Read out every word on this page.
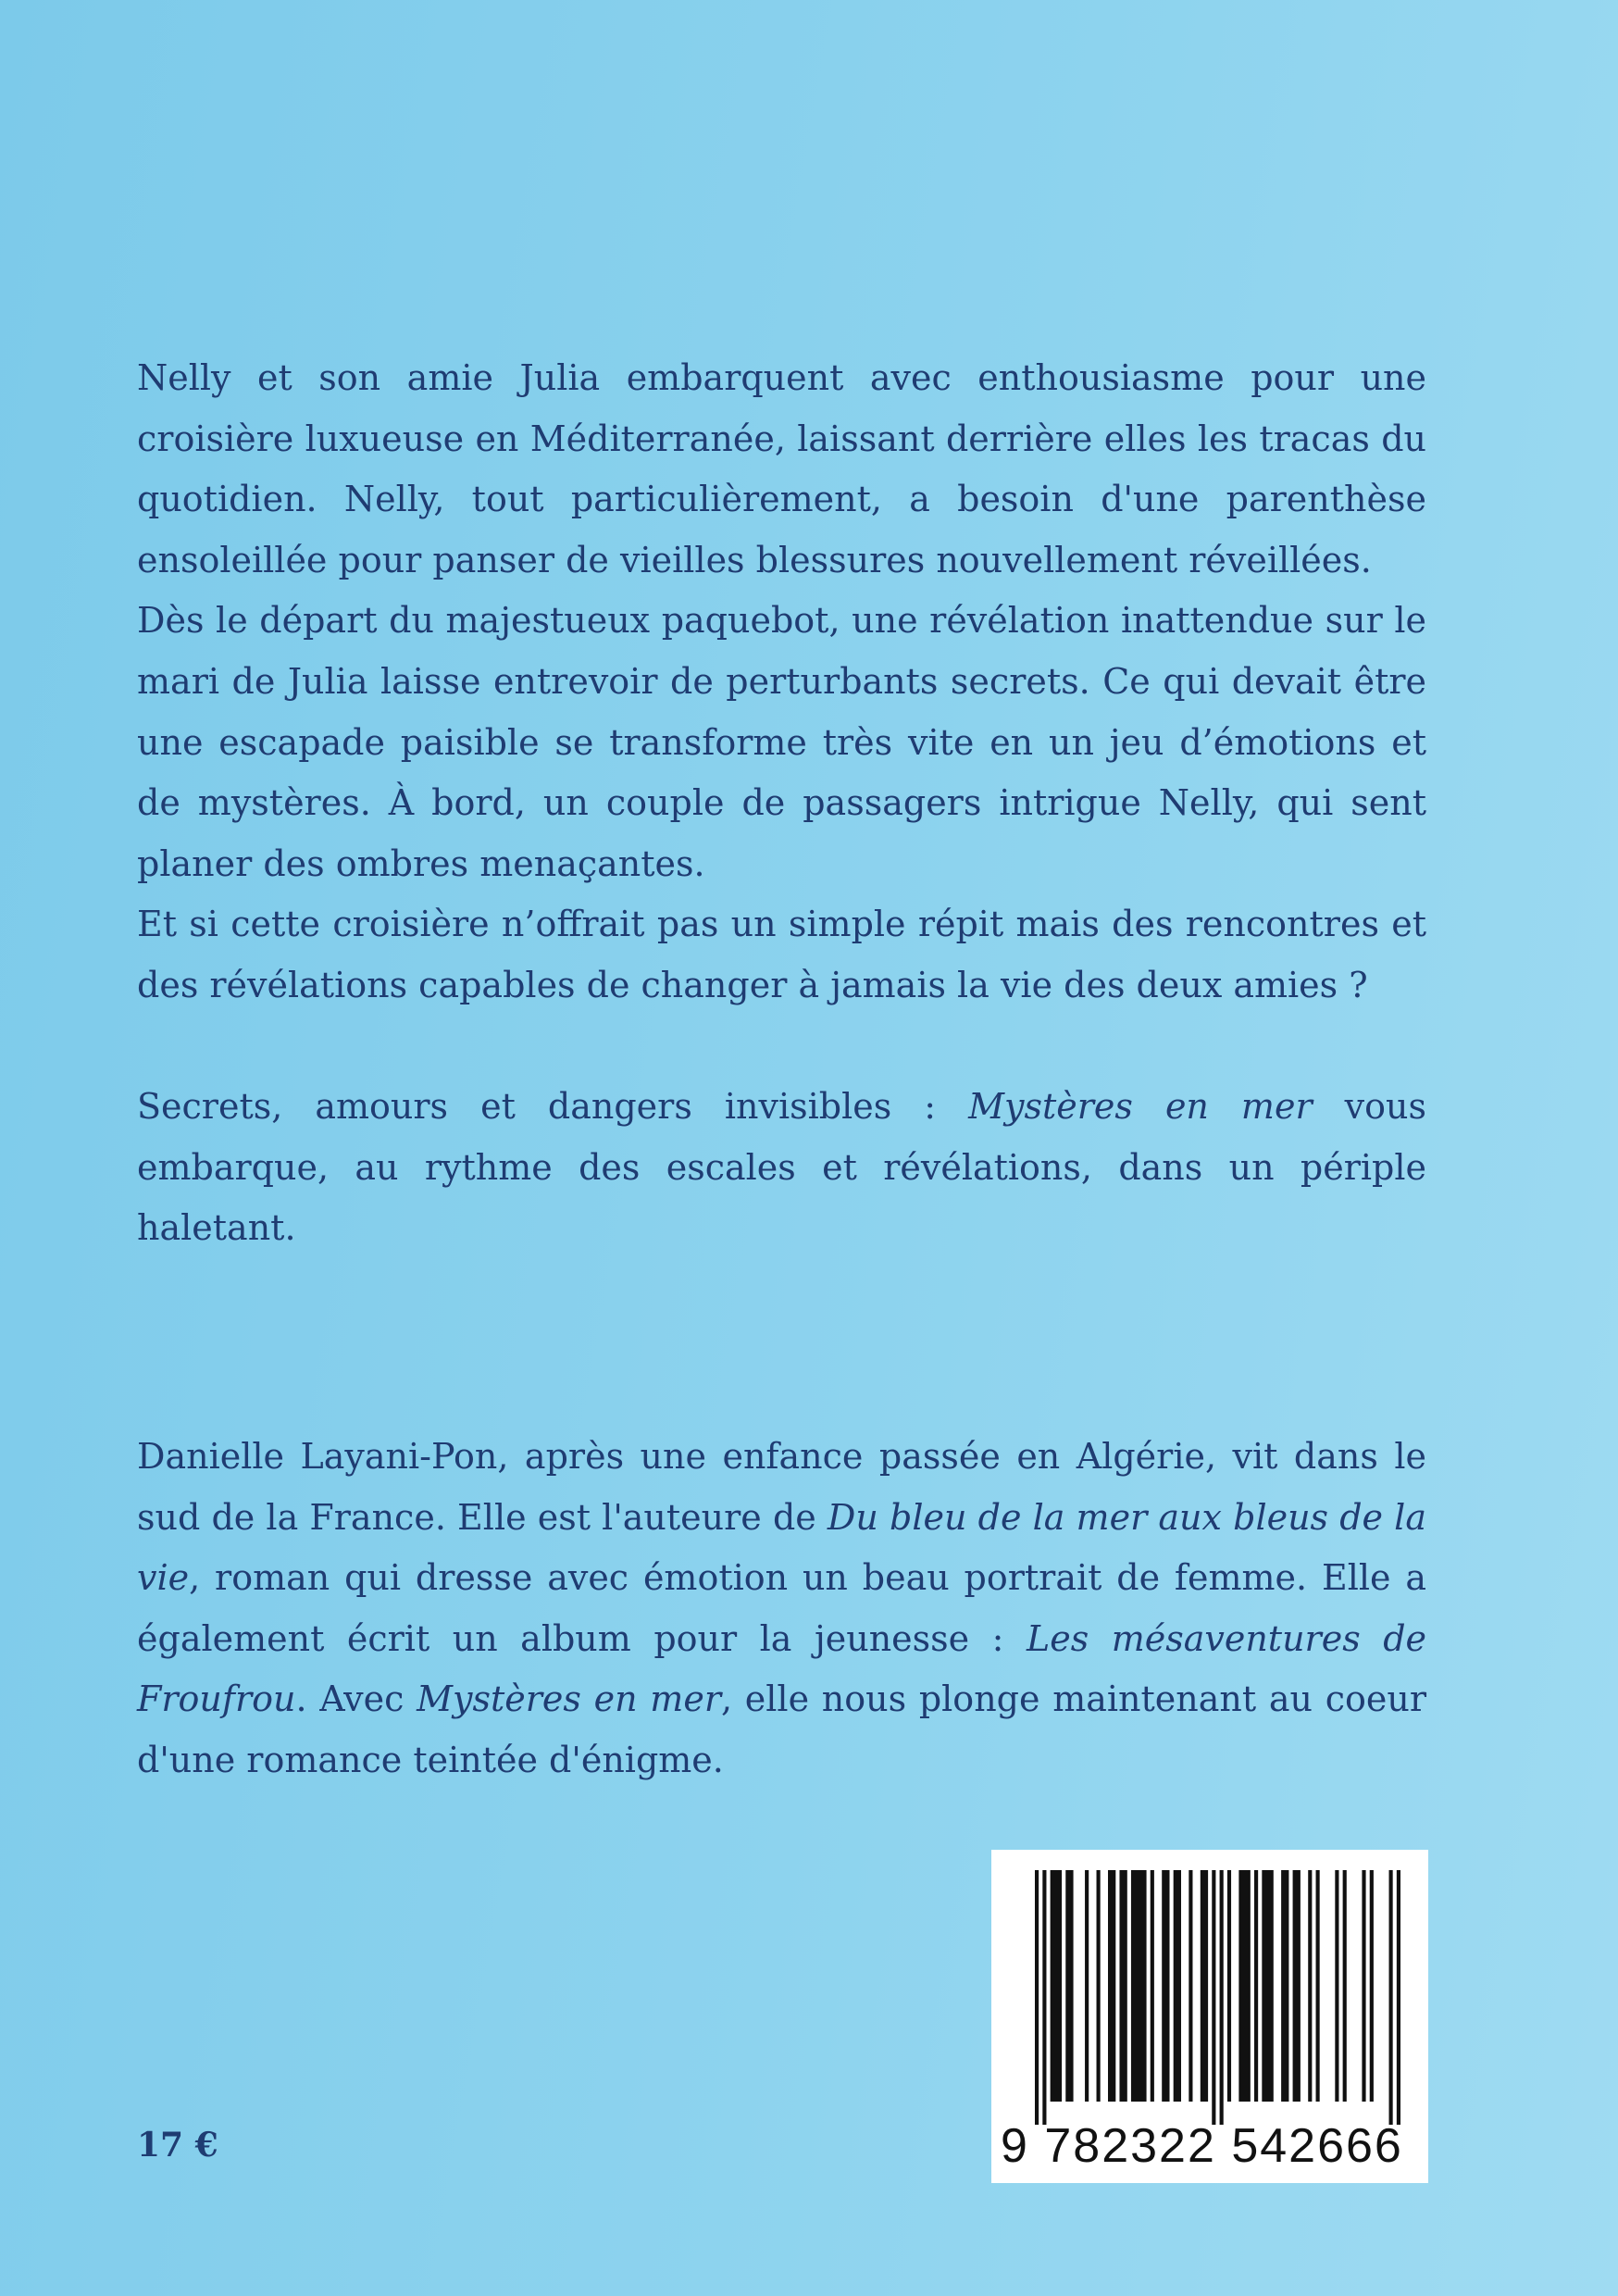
Nelly et son amie Julia embarquent avec enthousiasme pour une croisière luxueuse en Méditerranée, laissant derrière elles les tracas du quotidien. Nelly, tout particulièrement, a besoin d'une parenthèse ensoleillée pour panser de vieilles blessures nouvellement réveillées.

Dès le départ du majestueux paquebot, une révélation inattendue sur le mari de Julia laisse entrevoir de perturbants secrets. Ce qui devait être une escapade paisible se transforme très vite en un jeu d’émotions et de mystères. À bord, un couple de passagers intrigue Nelly, qui sent planer des ombres menaçantes.

Et si cette croisière n’offrait pas un simple répit mais des rencontres et des révélations capables de changer à jamais la vie des deux amies ?

Secrets, amours et dangers invisibles : Mystères en mer vous embarque, au rythme des escales et révélations, dans un périple haletant.

Danielle Layani-Pon, après une enfance passée en Algérie, vit dans le sud de la France. Elle est l'auteure de Du bleu de la mer aux bleus de la vie, roman qui dresse avec émotion un beau portrait de femme. Elle a également écrit un album pour la jeunesse : Les mésaventures de Froufrou. Avec Mystères en mer, elle nous plonge maintenant au coeur d'une romance teintée d'énigme.

17 €	9 782322 542666
